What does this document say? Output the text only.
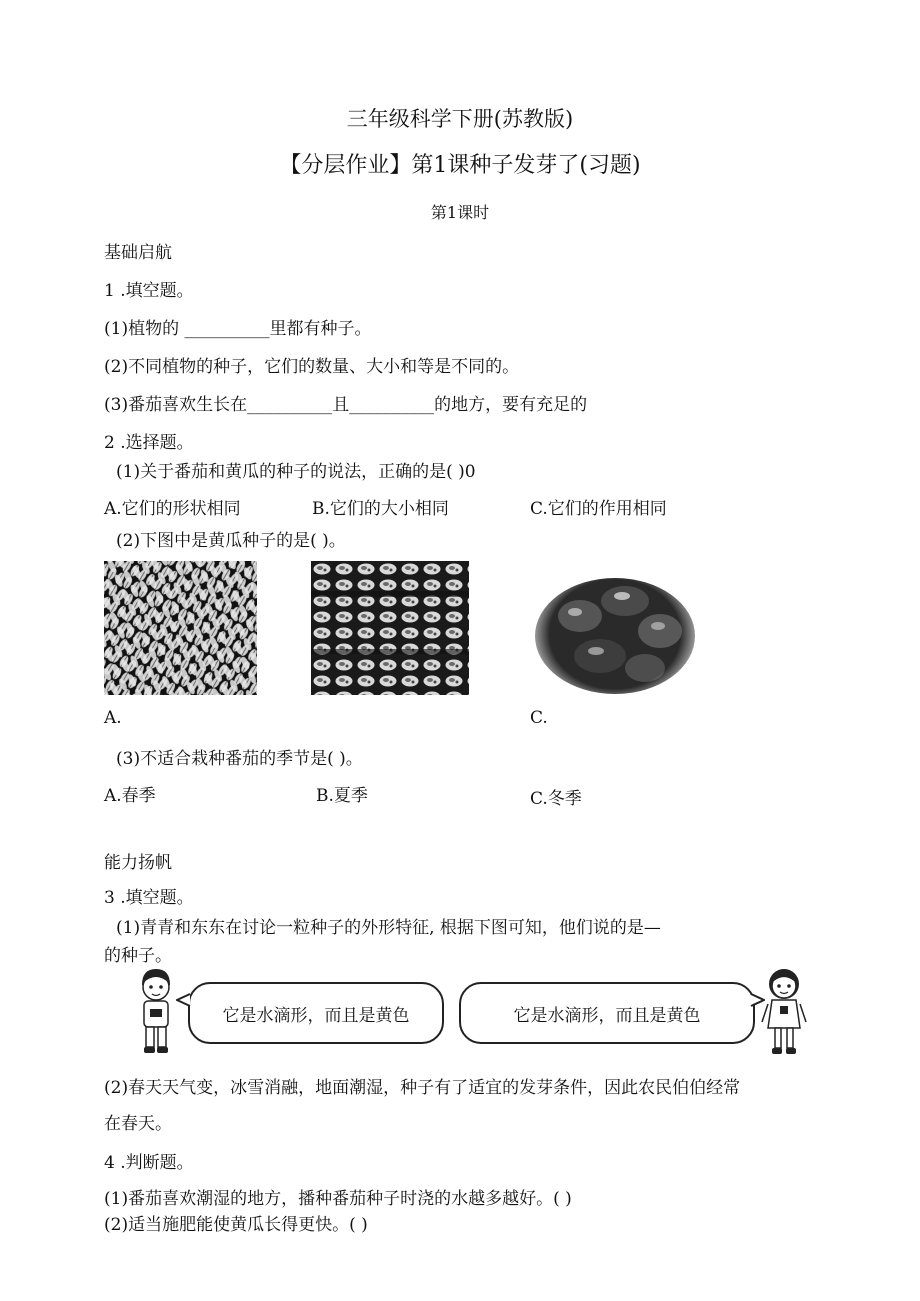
三年级科学下册(苏教版)
【分层作业】第1课种子发芽了(习题)
第1课时
基础启航
1 .填空题。
(1)植物的 __________里都有种子。
(2)不同植物的种子，它们的数量、大小和等是不同的。
(3)番茄喜欢生长在__________且__________的地方，要有充足的
2 .选择题。
(1)关于番茄和黄瓜的种子的说法，正确的是( )0
A.它们的形状相同	B.它们的大小相同	C.它们的作用相同
(2)下图中是黄瓜种子的是( )。
A.	C.
(3)不适合栽种番茄的季节是( )。
A.春季	B.夏季	C.冬季
能力扬帆
3 .填空题。
(1)青青和东东在讨论一粒种子的外形特征, 根据下图可知，他们说的是—
的种子。
它是水滴形，而且是黄色	它是水滴形，而且是黄色
(2)春天天气变，冰雪消融，地面潮湿，种子有了适宜的发芽条件，因此农民伯伯经常
在春天。
4 .判断题。
(1)番茄喜欢潮湿的地方，播种番茄种子时浇的水越多越好。( )
(2)适当施肥能使黄瓜长得更快。( )
